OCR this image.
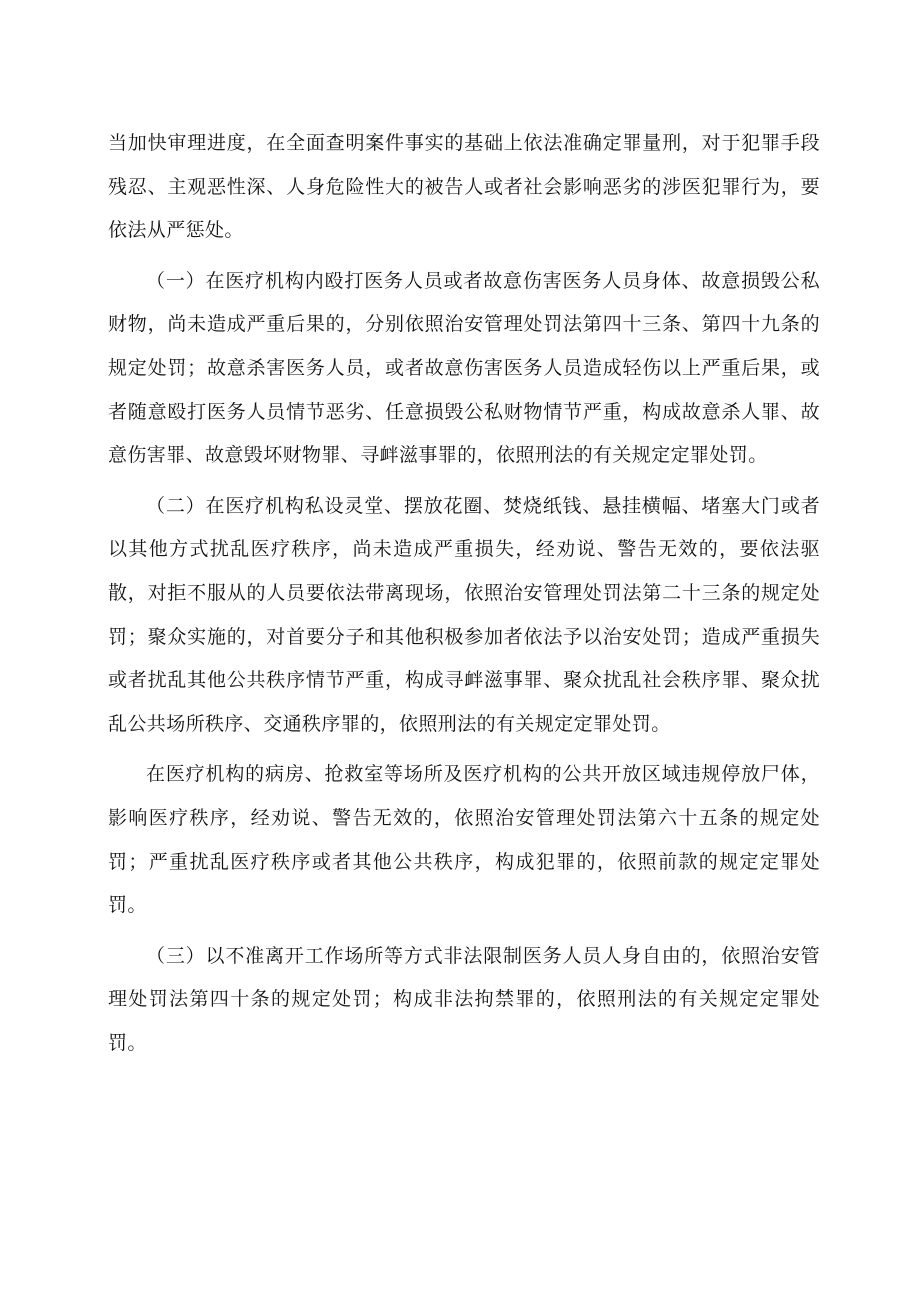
当加快审理进度，在全面查明案件事实的基础上依法准确定罪量刑，对于犯罪手段残忍、主观恶性深、人身危险性大的被告人或者社会影响恶劣的涉医犯罪行为，要依法从严惩处。

（一）在医疗机构内殴打医务人员或者故意伤害医务人员身体、故意损毁公私财物，尚未造成严重后果的，分别依照治安管理处罚法第四十三条、第四十九条的规定处罚；故意杀害医务人员，或者故意伤害医务人员造成轻伤以上严重后果，或者随意殴打医务人员情节恶劣、任意损毁公私财物情节严重，构成故意杀人罪、故意伤害罪、故意毁坏财物罪、寻衅滋事罪的，依照刑法的有关规定定罪处罚。

（二）在医疗机构私设灵堂、摆放花圈、焚烧纸钱、悬挂横幅、堵塞大门或者以其他方式扰乱医疗秩序，尚未造成严重损失，经劝说、警告无效的，要依法驱散，对拒不服从的人员要依法带离现场，依照治安管理处罚法第二十三条的规定处罚；聚众实施的，对首要分子和其他积极参加者依法予以治安处罚；造成严重损失或者扰乱其他公共秩序情节严重，构成寻衅滋事罪、聚众扰乱社会秩序罪、聚众扰乱公共场所秩序、交通秩序罪的，依照刑法的有关规定定罪处罚。

在医疗机构的病房、抢救室等场所及医疗机构的公共开放区域违规停放尸体，影响医疗秩序，经劝说、警告无效的，依照治安管理处罚法第六十五条的规定处罚；严重扰乱医疗秩序或者其他公共秩序，构成犯罪的，依照前款的规定定罪处罚。

（三）以不准离开工作场所等方式非法限制医务人员人身自由的，依照治安管理处罚法第四十条的规定处罚；构成非法拘禁罪的，依照刑法的有关规定定罪处罚。
